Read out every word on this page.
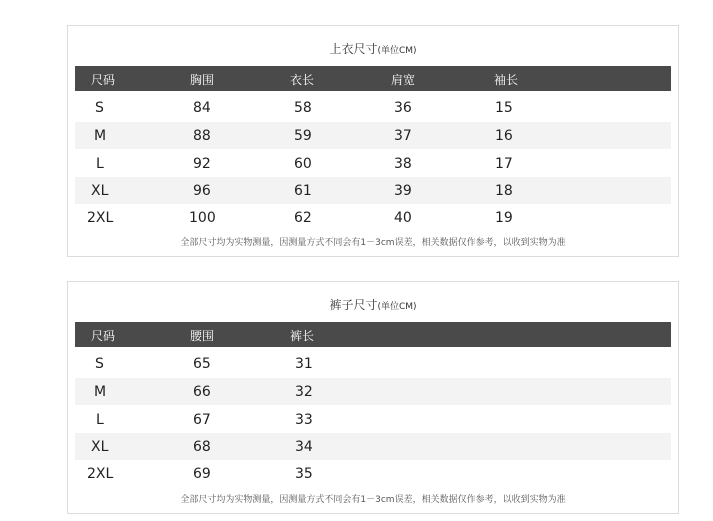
上衣尺寸(单位CM)
尺码	胸围	衣长	肩宽	袖长
S	84	58	36	15
M	88	59	37	16
L	92	60	38	17
XL	96	61	39	18
2XL	100	62	40	19
全部尺寸均为实物测量，因测量方式不同会有1－3cm误差，相关数据仅作参考，以收到实物为准
裤子尺寸(单位CM)
尺码	腰围	裤长
S	65	31
M	66	32
L	67	33
XL	68	34
2XL	69	35
全部尺寸均为实物测量，因测量方式不同会有1－3cm误差，相关数据仅作参考，以收到实物为准
